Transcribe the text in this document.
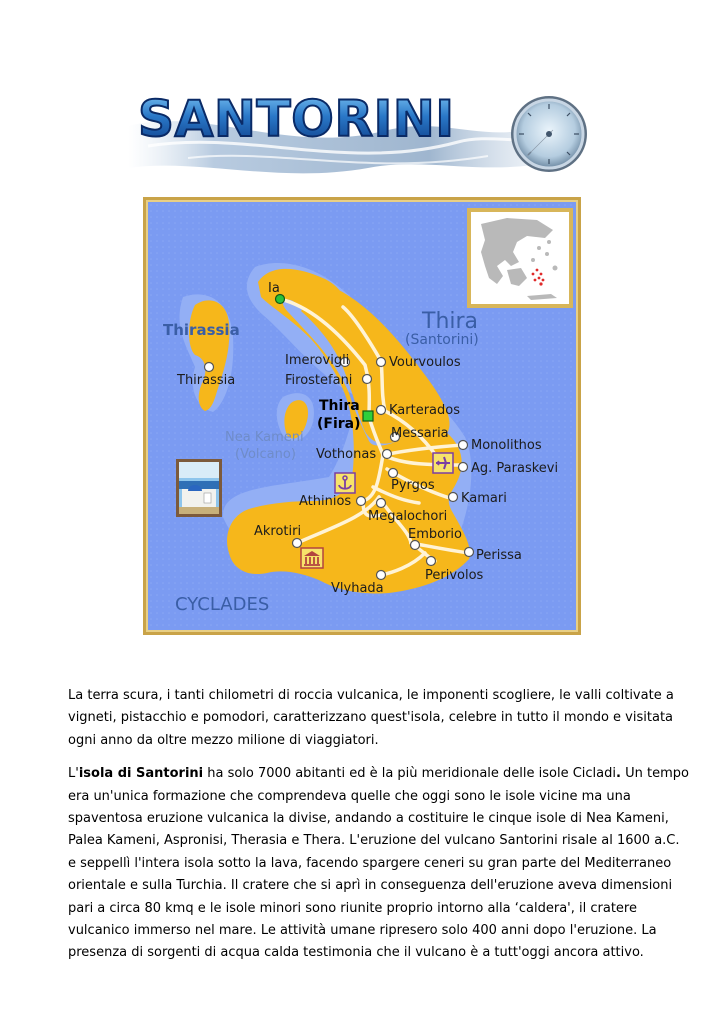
SANTORINI
Thira
(Santorini)
CYCLADES
Ia
Thirassia
Thirassia
Imerovigli	Vourvoulos
Firostefani
Thira
(Fira)
Karterados
Messaria
Nea Kameni
(Volcano) Vothonas
Monolithos
Ag. Paraskevi
Pyrgos
Kamari
Athinios
Megalochori
Emborio
Akrotiri
Perissa
Perivolos
Vlyhada

La terra scura, i tanti chilometri di roccia vulcanica, le imponenti scogliere, le valli coltivate a
vigneti, pistacchio e pomodori, caratterizzano quest'isola, celebre in tutto il mondo e visitata
ogni anno da oltre mezzo milione di viaggiatori.

L'isola di Santorini ha solo 7000 abitanti ed è la più meridionale delle isole Cicladi. Un tempo
era un'unica formazione che comprendeva quelle che oggi sono le isole vicine ma una
spaventosa eruzione vulcanica la divise, andando a costituire le cinque isole di Nea Kameni,
Palea Kameni, Aspronisi, Therasia e Thera. L'eruzione del vulcano Santorini risale al 1600 a.C.
e seppellì l'intera isola sotto la lava, facendo spargere ceneri su gran parte del Mediterraneo
orientale e sulla Turchia. Il cratere che si aprì in conseguenza dell'eruzione aveva dimensioni
pari a circa 80 kmq e le isole minori sono riunite proprio intorno alla ‘caldera', il cratere
vulcanico immerso nel mare. Le attività umane ripresero solo 400 anni dopo l'eruzione. La
presenza di sorgenti di acqua calda testimonia che il vulcano è a tutt'oggi ancora attivo.
